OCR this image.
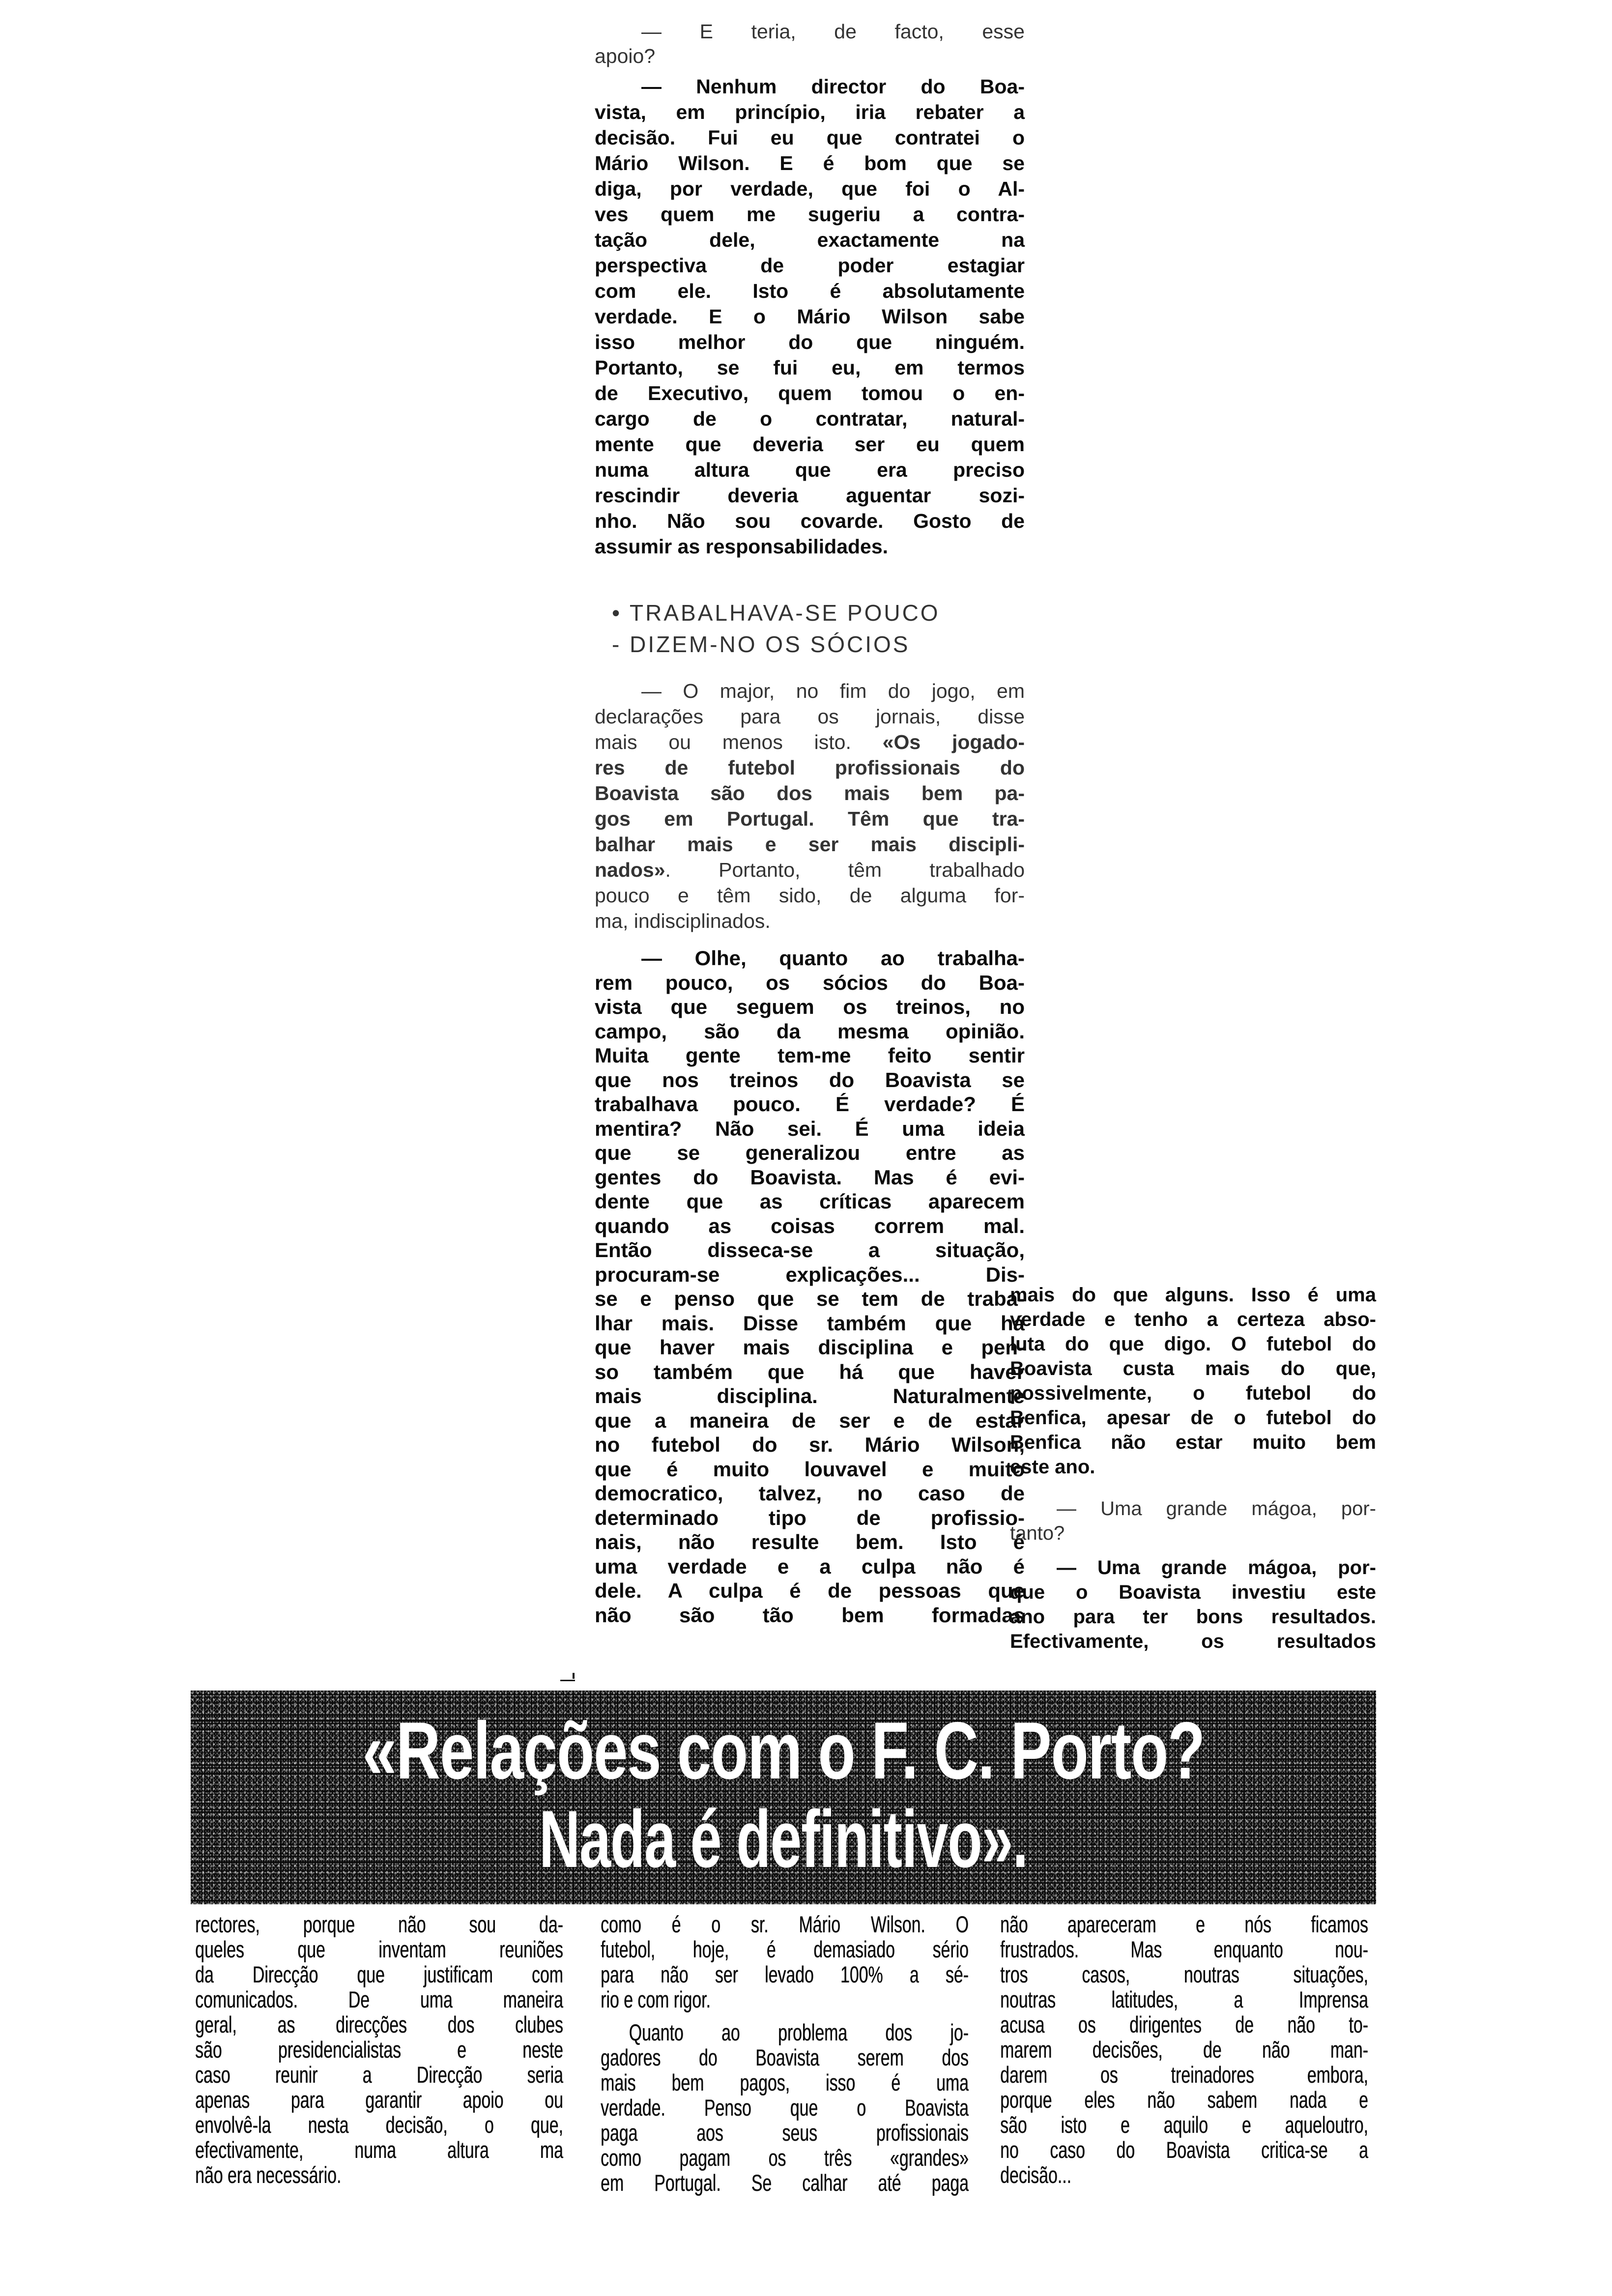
— E teria, de facto, esse
apoio?
— Nenhum director do Boa-
vista, em princípio, iria rebater a
decisão. Fui eu que contratei o
Mário Wilson. E é bom que se
diga, por verdade, que foi o Al-
ves quem me sugeriu a contra-
tação dele, exactamente na
perspectiva de poder estagiar
com ele. Isto é absolutamente
verdade. E o Mário Wilson sabe
isso melhor do que ninguém.
Portanto, se fui eu, em termos
de Executivo, quem tomou o en-
cargo de o contratar, natural-
mente que deveria ser eu quem
numa altura que era preciso
rescindir deveria aguentar sozi-
nho. Não sou covarde. Gosto de
assumir as responsabilidades.
• TRABALHAVA-SE POUCO
- DIZEM-NO OS SÓCIOS
— O major, no fim do jogo, em
declarações para os jornais, disse
mais ou menos isto. «Os jogado-
res de futebol profissionais do
Boavista são dos mais bem pa-
gos em Portugal. Têm que tra-
balhar mais e ser mais discipli-
nados». Portanto, têm trabalhado
pouco e têm sido, de alguma for-
ma, indisciplinados.
— Olhe, quanto ao trabalha-
rem pouco, os sócios do Boa-
vista que seguem os treinos, no
campo, são da mesma opinião.
Muita gente tem-me feito sentir
que nos treinos do Boavista se
trabalhava pouco. É verdade? É
mentira? Não sei. É uma ideia
que se generalizou entre as
gentes do Boavista. Mas é evi-
dente que as críticas aparecem
quando as coisas correm mal.
Então disseca-se a situação,
procuram-se explicações... Dis-
se e penso que se tem de traba-
lhar mais. Disse também que há
que haver mais disciplina e pen-
so também que há que haver
mais disciplina. Naturalmente
que a maneira de ser e de estar
no futebol do sr. Mário Wilson,
que é muito louvavel e muito
democratico, talvez, no caso de
determinado tipo de profissio-
nais, não resulte bem. Isto é
uma verdade e a culpa não é
dele. A culpa é de pessoas que
não são tão bem formadas
mais do que alguns. Isso é uma
verdade e tenho a certeza abso-
luta do que digo. O futebol do
Boavista custa mais do que,
possivelmente, o futebol do
Benfica, apesar de o futebol do
Benfica não estar muito bem
este ano.
— Uma grande mágoa, por-
tanto?
— Uma grande mágoa, por-
que o Boavista investiu este
ano para ter bons resultados.
Efectivamente, os resultados
«Relações com o F. C. Porto?
Nada é definitivo».
rectores, porque não sou da-
queles que inventam reuniões
da Direcção que justificam com
comunicados. De uma maneira
geral, as direcções dos clubes
são presidencialistas e neste
caso reunir a Direcção seria
apenas para garantir apoio ou
envolvê-la nesta decisão, o que,
efectivamente, numa altura ma
não era necessário.
como é o sr. Mário Wilson. O
futebol, hoje, é demasiado sério
para não ser levado 100% a sé-
rio e com rigor.
Quanto ao problema dos jo-
gadores do Boavista serem dos
mais bem pagos, isso é uma
verdade. Penso que o Boavista
paga aos seus profissionais
como pagam os três «grandes»
em Portugal. Se calhar até paga
não apareceram e nós ficamos
frustrados. Mas enquanto nou-
tros casos, noutras situações,
noutras latitudes, a Imprensa
acusa os dirigentes de não to-
marem decisões, de não man-
darem os treinadores embora,
porque eles não sabem nada e
são isto e aquilo e aqueloutro,
no caso do Boavista critica-se a
decisão...
